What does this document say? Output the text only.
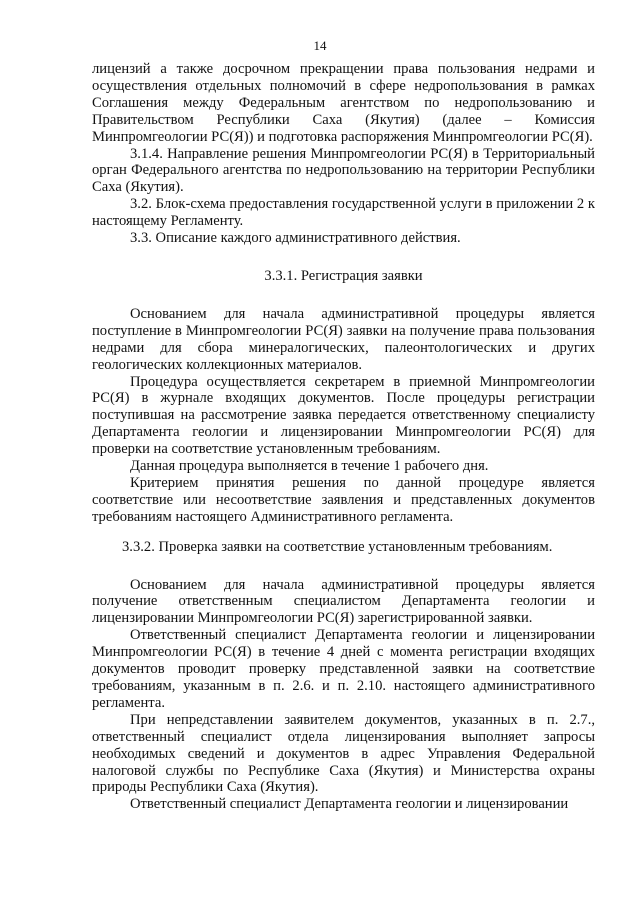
14

лицензий а также досрочном прекращении права пользования недрами и осуществления отдельных полномочий в сфере недропользования в рамках Соглашения между Федеральным агентством по недропользованию и Правительством Республики Саха (Якутия) (далее – Комиссия Минпромгеологии РС(Я)) и подготовка распоряжения Минпромгеологии РС(Я).

3.1.4. Направление решения Минпромгеологии РС(Я) в Территориальный орган Федерального агентства по недропользованию на территории Республики Саха (Якутия).

3.2. Блок-схема предоставления государственной услуги в приложении 2 к настоящему Регламенту.

3.3. Описание каждого административного действия.

3.3.1. Регистрация заявки

Основанием для начала административной процедуры является поступление в Минпромгеологии РС(Я) заявки на получение права пользования недрами для сбора минералогических, палеонтологических и других геологических коллекционных материалов.

Процедура осуществляется секретарем в приемной Минпромгеологии РС(Я) в журнале входящих документов. После процедуры регистрации поступившая на рассмотрение заявка передается ответственному специалисту Департамента геологии и лицензировании Минпромгеологии РС(Я) для проверки на соответствие установленным требованиям.

Данная процедура выполняется в течение 1 рабочего дня.

Критерием принятия решения по данной процедуре является соответствие или несоответствие заявления и представленных документов требованиям настоящего Административного регламента.

3.3.2. Проверка заявки на соответствие установленным требованиям.

Основанием для начала административной процедуры является получение ответственным специалистом Департамента геологии и лицензировании Минпромгеологии РС(Я) зарегистрированной заявки.

Ответственный специалист Департамента геологии и лицензировании Минпромгеологии РС(Я) в течение 4 дней с момента регистрации входящих документов проводит проверку представленной заявки на соответствие требованиям, указанным в п. 2.6. и п. 2.10. настоящего административного регламента.

При непредставлении заявителем документов, указанных в п. 2.7., ответственный специалист отдела лицензирования выполняет запросы необходимых сведений и документов в адрес Управления Федеральной налоговой службы по Республике Саха (Якутия) и Министерства охраны природы Республики Саха (Якутия).

Ответственный специалист Департамента геологии и лицензировании
